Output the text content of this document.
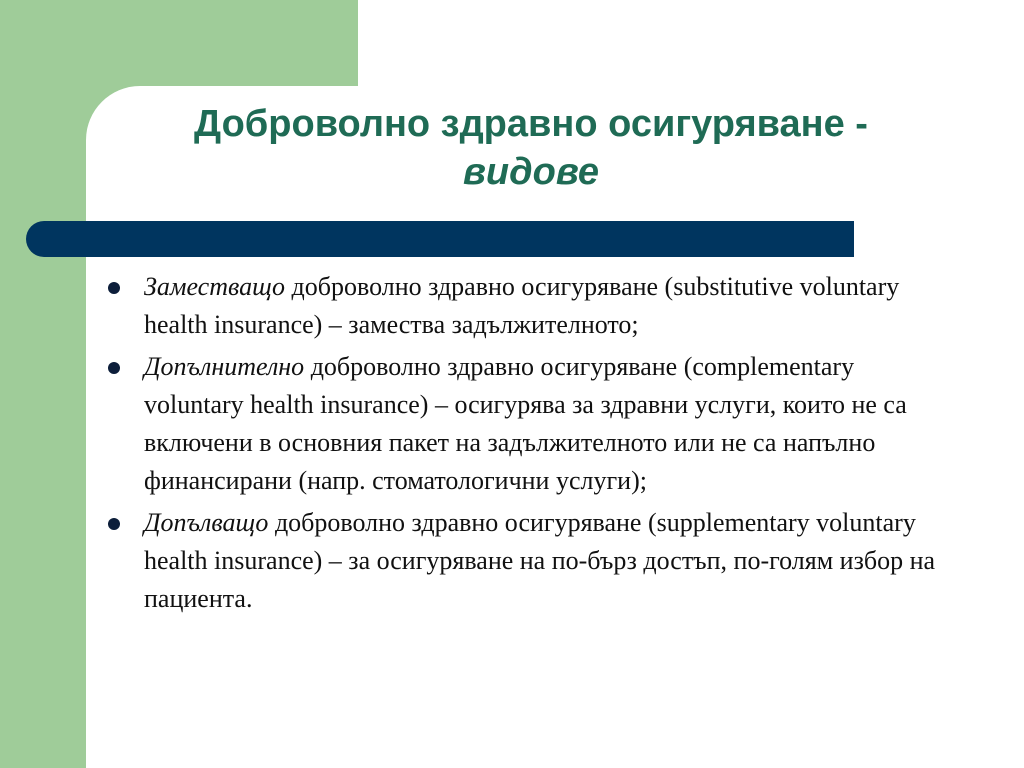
Доброволно здравно осигуряване -
видове
Заместващо доброволно здравно осигуряване (substitutive voluntary health insurance) – замества задължителното;
Допълнително доброволно здравно осигуряване (complementary voluntary health insurance) – осигурява за здравни услуги, които не са включени в основния пакет на задължителното или не са напълно финансирани (напр. стоматологични услуги);
Допълващо доброволно здравно осигуряване (supplementary voluntary health insurance) – за осигуряване на по-бърз достъп, по-голям избор на пациента.
